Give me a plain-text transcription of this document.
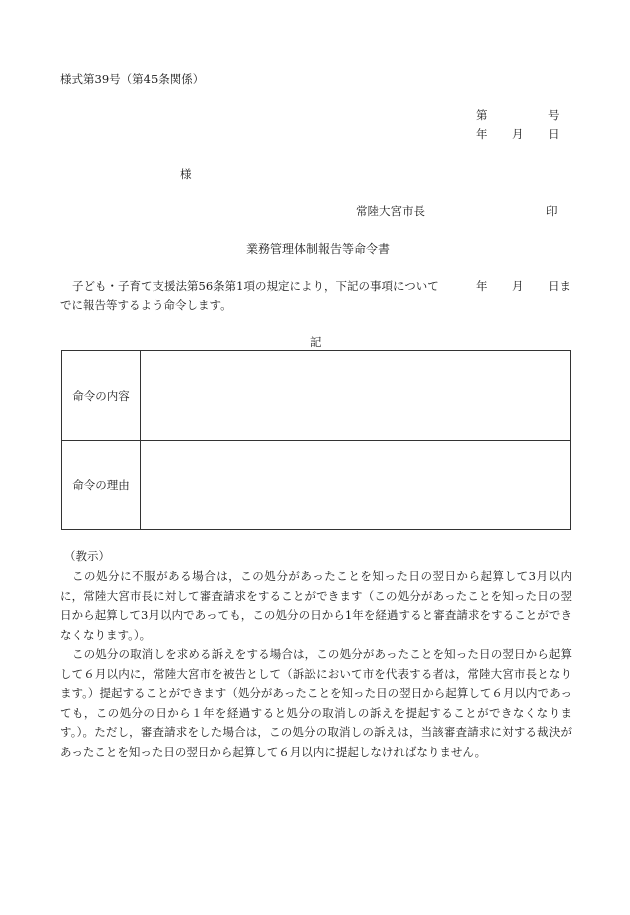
様式第39号（第45条関係）
第	号
年 月 日
様
常陸大宮市長	印
業務管理体制報告等命令書
子ども・子育て支援法第56条第1項の規定により，下記の事項について	年 月 日ま
でに報告等するよう命令します。
記
命令の内容
命令の理由
（教示）
この処分に不服がある場合は，この処分があったことを知った日の翌日から起算して3月以内に，常陸大宮市長に対して審査請求をすることができます（この処分があったことを知った日の翌日から起算して3月以内であっても，この処分の日から1年を経過すると審査請求をすることができなくなります。）。
この処分の取消しを求める訴えをする場合は，この処分があったことを知った日の翌日から起算して６月以内に，常陸大宮市を被告として（訴訟において市を代表する者は，常陸大宮市長となります。）提起することができます（処分があったことを知った日の翌日から起算して６月以内であっても，この処分の日から１年を経過すると処分の取消しの訴えを提起することができなくなります。）。ただし，審査請求をした場合は，この処分の取消しの訴えは，当該審査請求に対する裁決があったことを知った日の翌日から起算して６月以内に提起しなければなりません。
